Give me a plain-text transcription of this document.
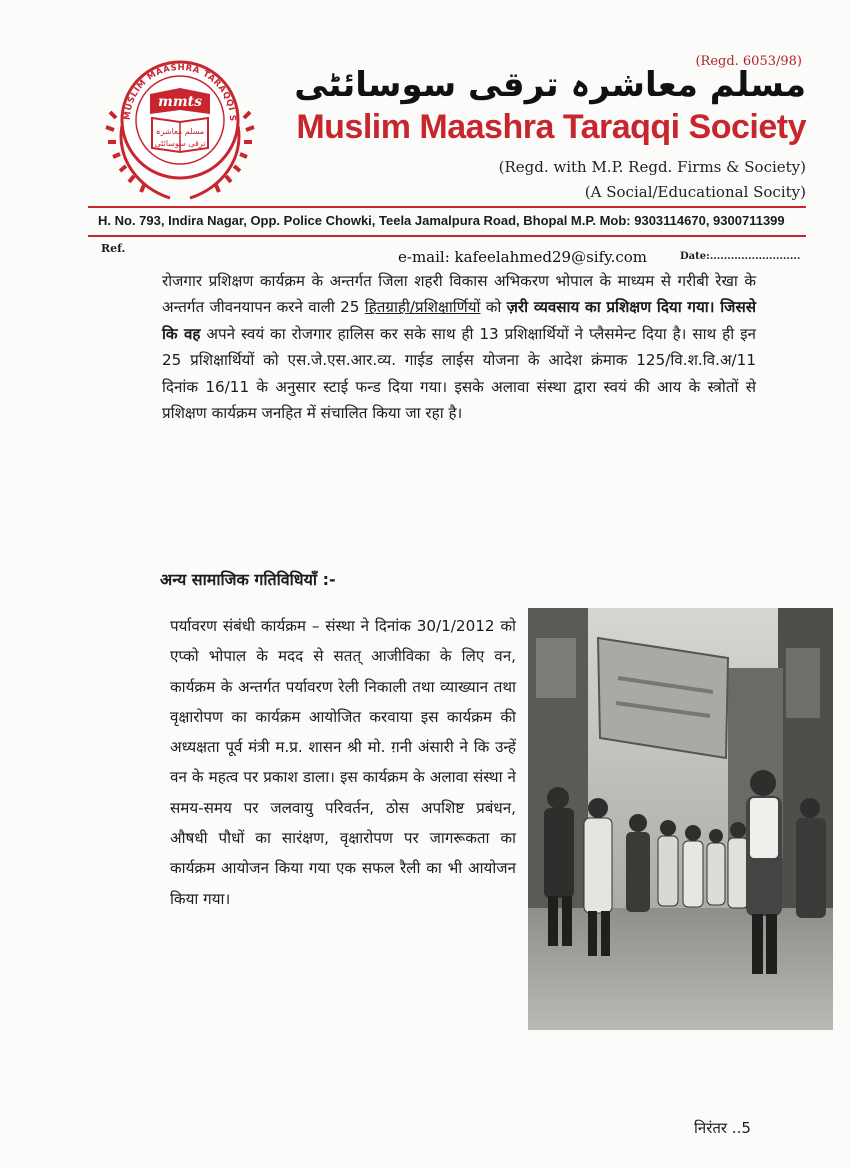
MUSLIM MAASHRA TARAQQI S
mmts
مسلم معاشرہ
ترقی سوسائٹی
(Regd. 6053/98)
مسلم معاشرہ ترقی سوسائٹی
Muslim Maashra Taraqqi Society
(Regd. with M.P. Regd. Firms & Society)
(A Social/Educational Socity)
H. No. 793, Indira Nagar, Opp. Police Chowki, Teela Jamalpura Road, Bhopal M.P. Mob: 9303114670, 9300711399
Ref.	e-mail: kafeelahmed29@sify.com	Date:..........................
रोजगार प्रशिक्षण कार्यक्रम के अन्तर्गत जिला शहरी विकास अभिकरण भोपाल के माध्यम से गरीबी रेखा के अन्तर्गत जीवनयापन करने वाली 25 हितग्राही/प्रशिक्षार्णियों को ज़री व्यवसाय का प्रशिक्षण दिया गया। जिससे कि वह अपने स्वयं का रोजगार हालिस कर सके साथ ही 13 प्रशिक्षार्थियों ने प्लैसमेन्ट दिया है। साथ ही इन 25 प्रशिक्षार्थियों को एस.जे.एस.आर.व्य. गाईड लाईस योजना के आदेश क्रंमाक 125/वि.श.वि.अ/11 दिनांक 16/11 के अनुसार स्टाई फन्ड दिया गया। इसके अलावा संस्था द्वारा स्वयं की आय के स्त्रोतों से प्रशिक्षण कार्यक्रम जनहित में संचालित किया जा रहा है।
अन्य सामाजिक गतिविधियाँ :-
पर्यावरण संबंधी कार्यक्रम – संस्था ने दिनांक 30/1/2012 को एप्को भोपाल के मदद से सतत् आजीविका के लिए वन, कार्यक्रम के अन्तर्गत पर्यावरण रेली निकाली तथा व्याख्यान तथा वृक्षारोपण का कार्यक्रम आयोजित करवाया इस कार्यक्रम की अध्यक्षता पूर्व मंत्री म.प्र. शासन श्री मो. ग़नी अंसारी ने कि उन्हें वन के महत्व पर प्रकाश डाला। इस कार्यक्रम के अलावा संस्था ने समय-समय पर जलवायु परिवर्तन, ठोस अपशिष्ट प्रबंधन, औषधी पौधों का सारंक्षण, वृक्षारोपण पर जागरूकता का कार्यक्रम आयोजन किया गया एक सफल रैली का भी आयोजन किया गया।
निरंतर ..5
